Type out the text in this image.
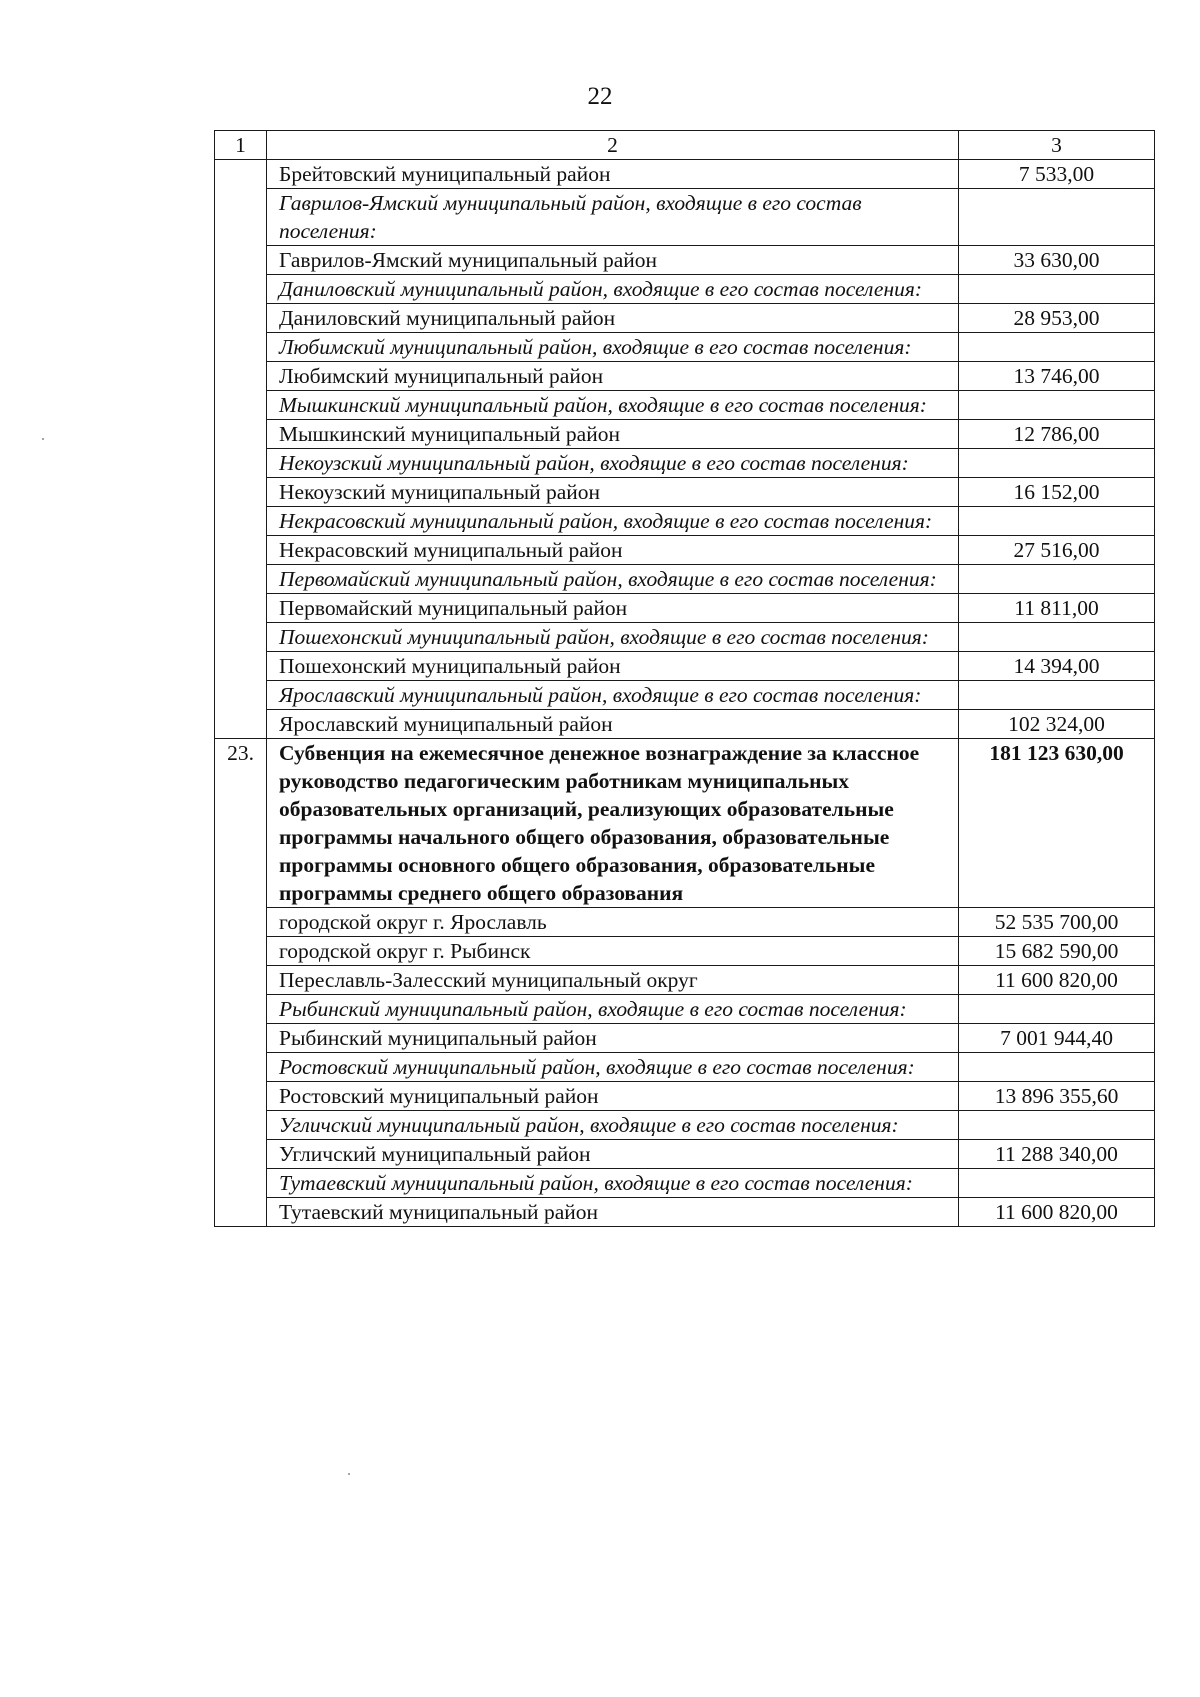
22
1	2	3
	Брейтовский муниципальный район	7 533,00
	Гаврилов-Ямский муниципальный район, входящие в его состав поселения:	
	Гаврилов-Ямский муниципальный район	33 630,00
	Даниловский муниципальный район, входящие в его состав поселения:	
	Даниловский муниципальный район	28 953,00
	Любимский муниципальный район, входящие в его состав поселения:	
	Любимский муниципальный район	13 746,00
	Мышкинский муниципальный район, входящие в его состав поселения:	
	Мышкинский муниципальный район	12 786,00
	Некоузский муниципальный район, входящие в его состав поселения:	
	Некоузский муниципальный район	16 152,00
	Некрасовский муниципальный район, входящие в его состав поселения:	
	Некрасовский муниципальный район	27 516,00
	Первомайский муниципальный район, входящие в его состав поселения:	
	Первомайский муниципальный район	11 811,00
	Пошехонский муниципальный район, входящие в его состав поселения:	
	Пошехонский муниципальный район	14 394,00
	Ярославский муниципальный район, входящие в его состав поселения:	
	Ярославский муниципальный район	102 324,00
23.	Субвенция на ежемесячное денежное вознаграждение за классное руководство педагогическим работникам муниципальных образовательных организаций, реализующих образовательные программы начального общего образования, образовательные программы основного общего образования, образовательные программы среднего общего образования	181 123 630,00
	городской округ г. Ярославль	52 535 700,00
	городской округ г. Рыбинск	15 682 590,00
	Переславль-Залесский муниципальный округ	11 600 820,00
	Рыбинский муниципальный район, входящие в его состав поселения:	
	Рыбинский муниципальный район	7 001 944,40
	Ростовский муниципальный район, входящие в его состав поселения:	
	Ростовский муниципальный район	13 896 355,60
	Угличский муниципальный район, входящие в его состав поселения:	
	Угличский муниципальный район	11 288 340,00
	Тутаевский муниципальный район, входящие в его состав поселения:	
	Тутаевский муниципальный район	11 600 820,00
